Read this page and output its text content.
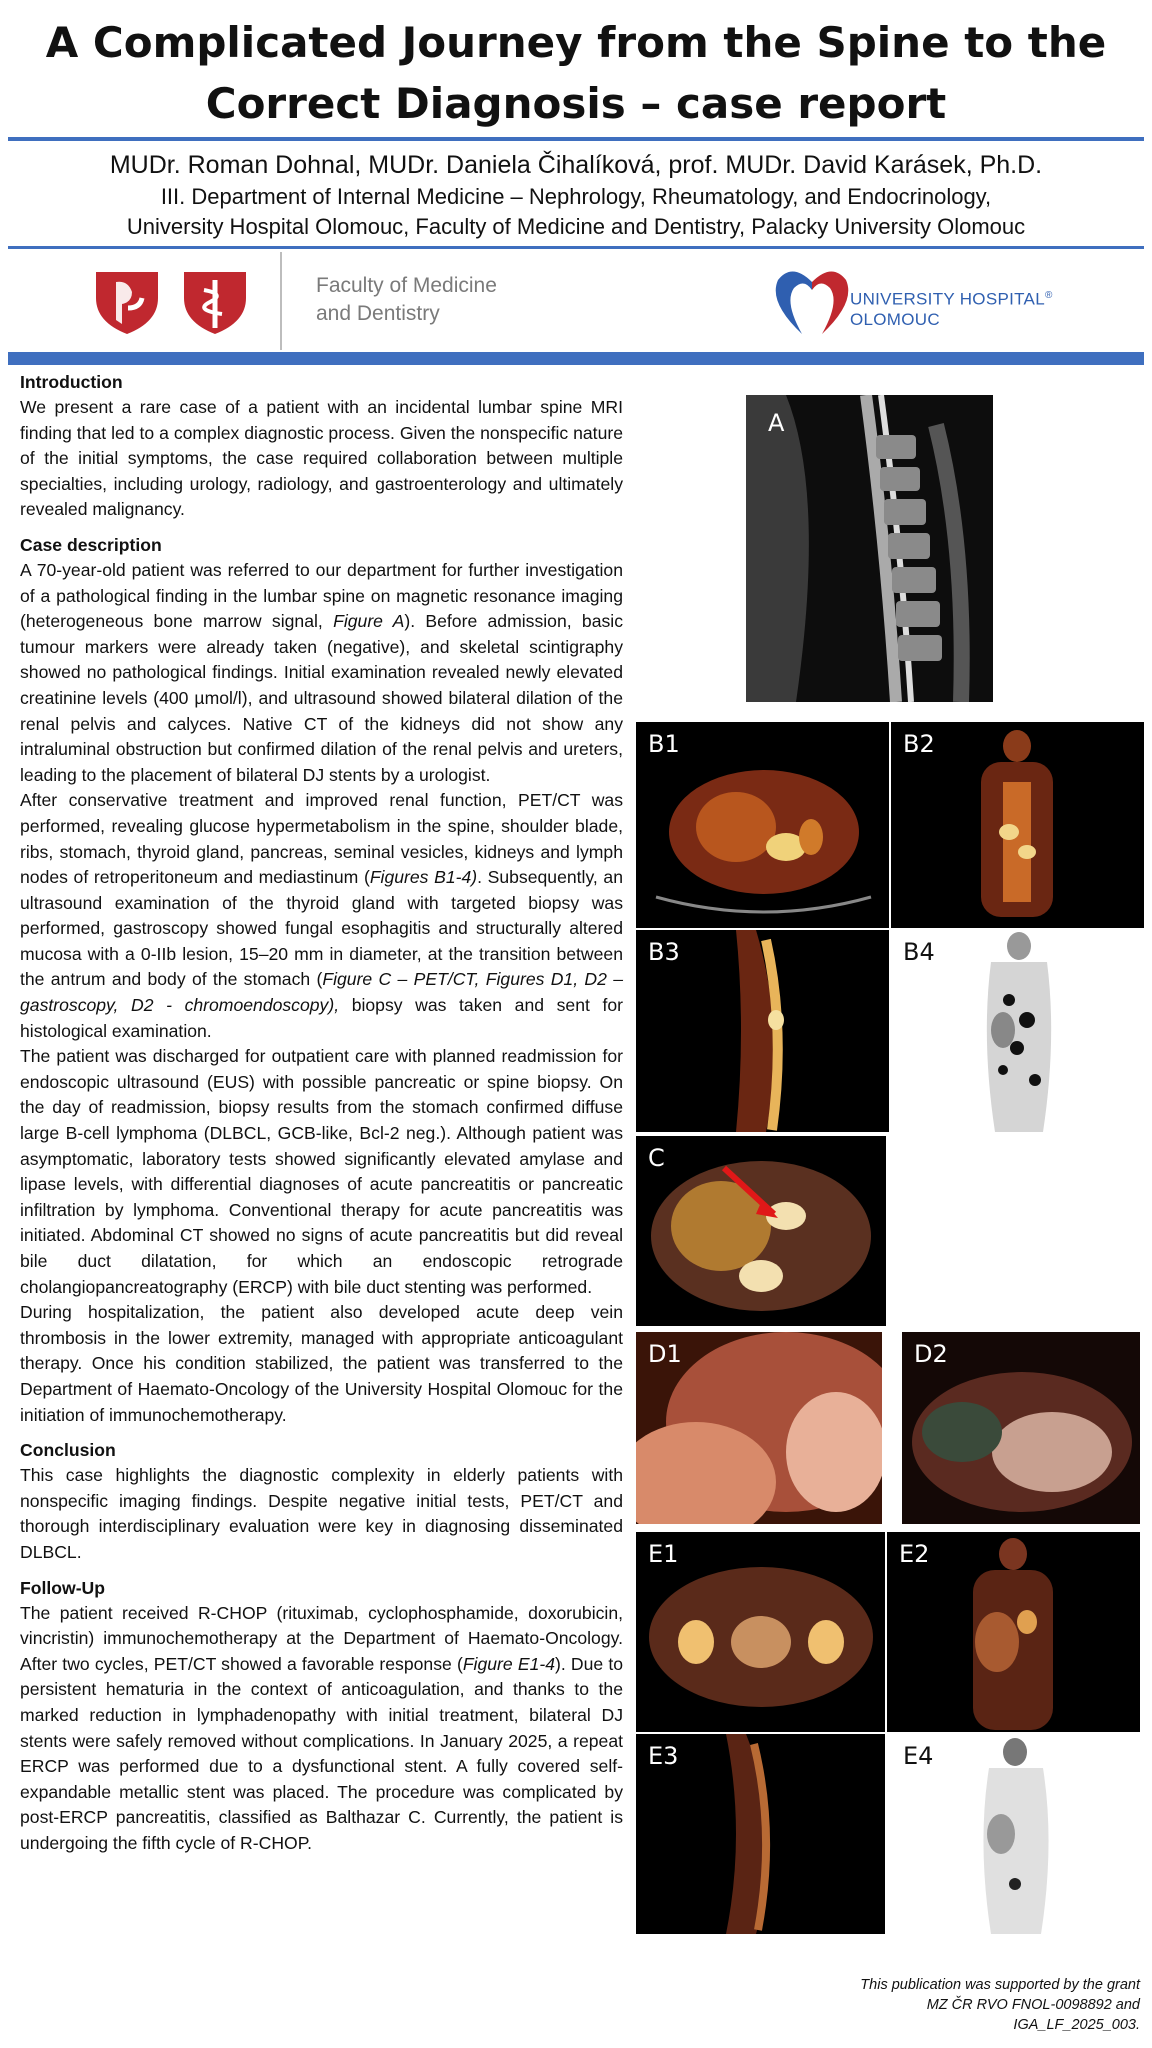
A Complicated Journey from the Spine to the
Correct Diagnosis – case report
MUDr. Roman Dohnal, MUDr. Daniela Čihalíková, prof. MUDr. David Karásek, Ph.D.
III. Department of Internal Medicine – Nephrology, Rheumatology, and Endocrinology,
University Hospital Olomouc, Faculty of Medicine and Dentistry, Palacky University Olomouc
Faculty of Medicine
and Dentistry
UNIVERSITY HOSPITAL®
OLOMOUC
Introduction

We present a rare case of a patient with an incidental lumbar spine MRI finding that led to a complex diagnostic process. Given the nonspecific nature of the initial symptoms, the case required collaboration between multiple specialties, including urology, radiology, and gastroenterology and ultimately revealed malignancy.

Case description

A 70-year-old patient was referred to our department for further investigation of a pathological finding in the lumbar spine on magnetic resonance imaging (heterogeneous bone marrow signal, Figure A). Before admission, basic tumour markers were already taken (negative), and skeletal scintigraphy showed no pathological findings. Initial examination revealed newly elevated creatinine levels (400 µmol/l), and ultrasound showed bilateral dilation of the renal pelvis and calyces. Native CT of the kidneys did not show any intraluminal obstruction but confirmed dilation of the renal pelvis and ureters, leading to the placement of bilateral DJ stents by a urologist.

After conservative treatment and improved renal function, PET/CT was performed, revealing glucose hypermetabolism in the spine, shoulder blade, ribs, stomach, thyroid gland, pancreas, seminal vesicles, kidneys and lymph nodes of retroperitoneum and mediastinum (Figures B1-4). Subsequently, an ultrasound examination of the thyroid gland with targeted biopsy was performed, gastroscopy showed fungal esophagitis and structurally altered mucosa with a 0-IIb lesion, 15–20 mm in diameter, at the transition between the antrum and body of the stomach (Figure C – PET/CT, Figures D1, D2 – gastroscopy, D2 - chromoendoscopy), biopsy was taken and sent for histological examination.

The patient was discharged for outpatient care with planned readmission for endoscopic ultrasound (EUS) with possible pancreatic or spine biopsy. On the day of readmission, biopsy results from the stomach confirmed diffuse large B-cell lymphoma (DLBCL, GCB-like, Bcl-2 neg.). Although patient was asymptomatic, laboratory tests showed significantly elevated amylase and lipase levels, with differential diagnoses of acute pancreatitis or pancreatic infiltration by lymphoma. Conventional therapy for acute pancreatitis was initiated. Abdominal CT showed no signs of acute pancreatitis but did reveal bile duct dilatation, for which an endoscopic retrograde cholangiopancreatography (ERCP) with bile duct stenting was performed.

During hospitalization, the patient also developed acute deep vein thrombosis in the lower extremity, managed with appropriate anticoagulant therapy. Once his condition stabilized, the patient was transferred to the Department of Haemato-Oncology of the University Hospital Olomouc for the initiation of immunochemotherapy.

Conclusion

This case highlights the diagnostic complexity in elderly patients with nonspecific imaging findings. Despite negative initial tests, PET/CT and thorough interdisciplinary evaluation were key in diagnosing disseminated DLBCL.

Follow-Up

The patient received R-CHOP (rituximab, cyclophosphamide, doxorubicin, vincristin) immunochemotherapy at the Department of Haemato-Oncology. After two cycles, PET/CT showed a favorable response (Figure E1-4). Due to persistent hematuria in the context of anticoagulation, and thanks to the marked reduction in lymphadenopathy with initial treatment, bilateral DJ stents were safely removed without complications. In January 2025, a repeat ERCP was performed due to a dysfunctional stent. A fully covered self-expandable metallic stent was placed. The procedure was complicated by post-ERCP pancreatitis, classified as Balthazar C. Currently, the patient is undergoing the fifth cycle of R-CHOP.

A
B1	B2
B3	B4
C
D1	D2
E1	E2
E3	E4
This publication was supported by the grant
MZ ČR RVO FNOL-0098892 and
IGA_LF_2025_003.
